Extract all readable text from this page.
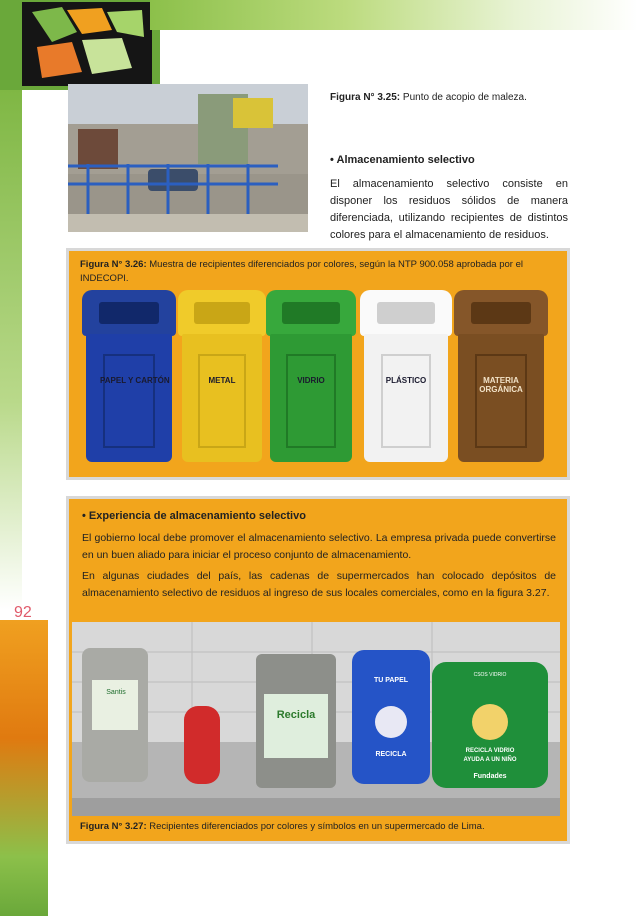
92
Figura N° 3.25: Punto de acopio de maleza.
• Almacenamiento selectivo
El almacenamiento selectivo consiste en disponer los residuos sólidos de manera diferenciada, utilizando recipientes de distintos colores para el almacenamiento de residuos.
Figura N° 3.26: Muestra de recipientes diferenciados por colores, según la NTP 900.058 aprobada por el INDECOPI.
PAPEL Y CARTÓN	METAL	VIDRIO	PLÁSTICO	MATERIA ORGÁNICA
• Experiencia de almacenamiento selectivo
El gobierno local debe promover el almacenamiento selectivo. La empresa privada puede convertirse en un buen aliado para iniciar el proceso conjunto de almacenamiento.
En algunas ciudades del país, las cadenas de supermercados han colocado depósitos de almacenamiento selectivo de residuos al ingreso de sus locales comerciales, como en la figura 3.27.
Santis
Recicla
TU PAPEL
RECICLA
CSOS VIDRIO
RECICLA VIDRIO
AYUDA A UN NIÑO
Fundades
Figura N° 3.27: Recipientes diferenciados por colores y símbolos en un supermercado de Lima.
